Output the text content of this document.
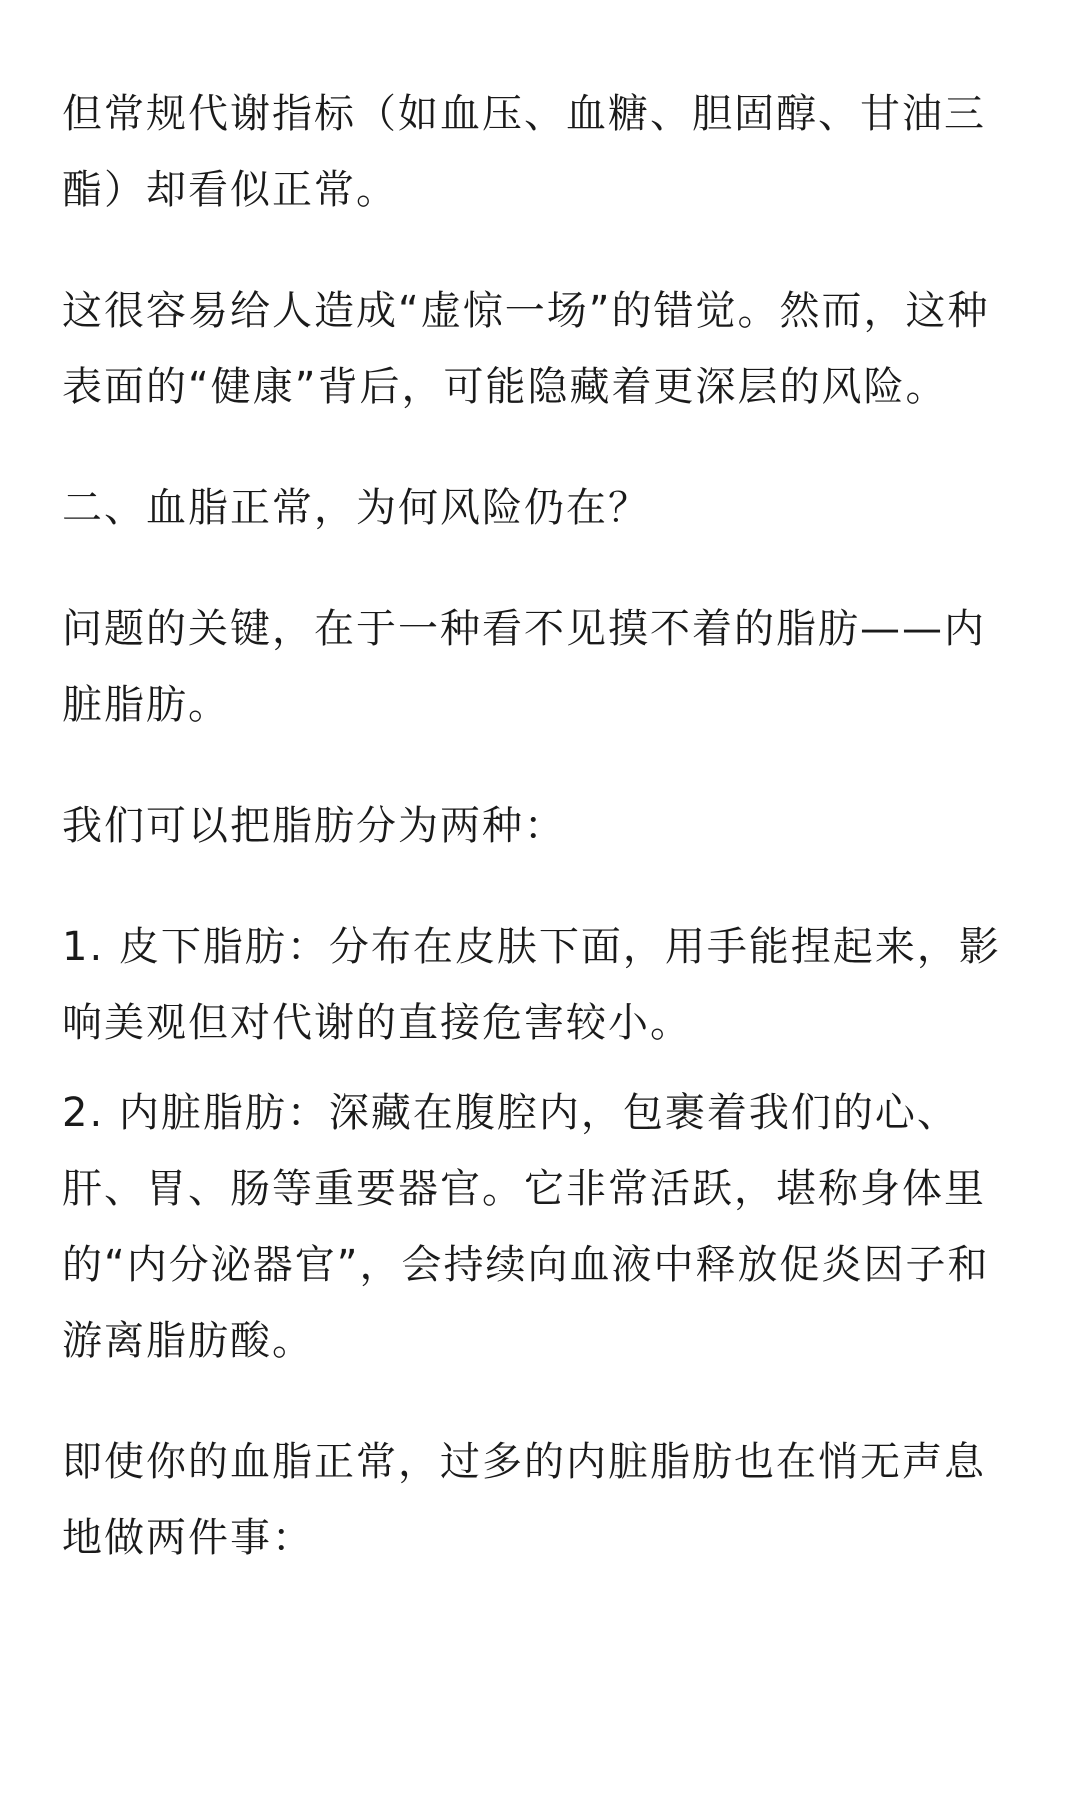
但常规代谢指标（如血压、血糖、胆固醇、甘油三酯）却看似正常。

这很容易给人造成“虚惊一场”的错觉。然而，这种表面的“健康”背后，可能隐藏着更深层的风险。

二、血脂正常，为何风险仍在？

问题的关键，在于一种看不见摸不着的脂肪——内脏脂肪。

我们可以把脂肪分为两种：

1. 皮下脂肪：分布在皮肤下面，用手能捏起来，影响美观但对代谢的直接危害较小。

2. 内脏脂肪：深藏在腹腔内，包裹着我们的心、肝、胃、肠等重要器官。它非常活跃，堪称身体里的“内分泌器官”，会持续向血液中释放促炎因子和游离脂肪酸。

即使你的血脂正常，过多的内脏脂肪也在悄无声息地做两件事：
